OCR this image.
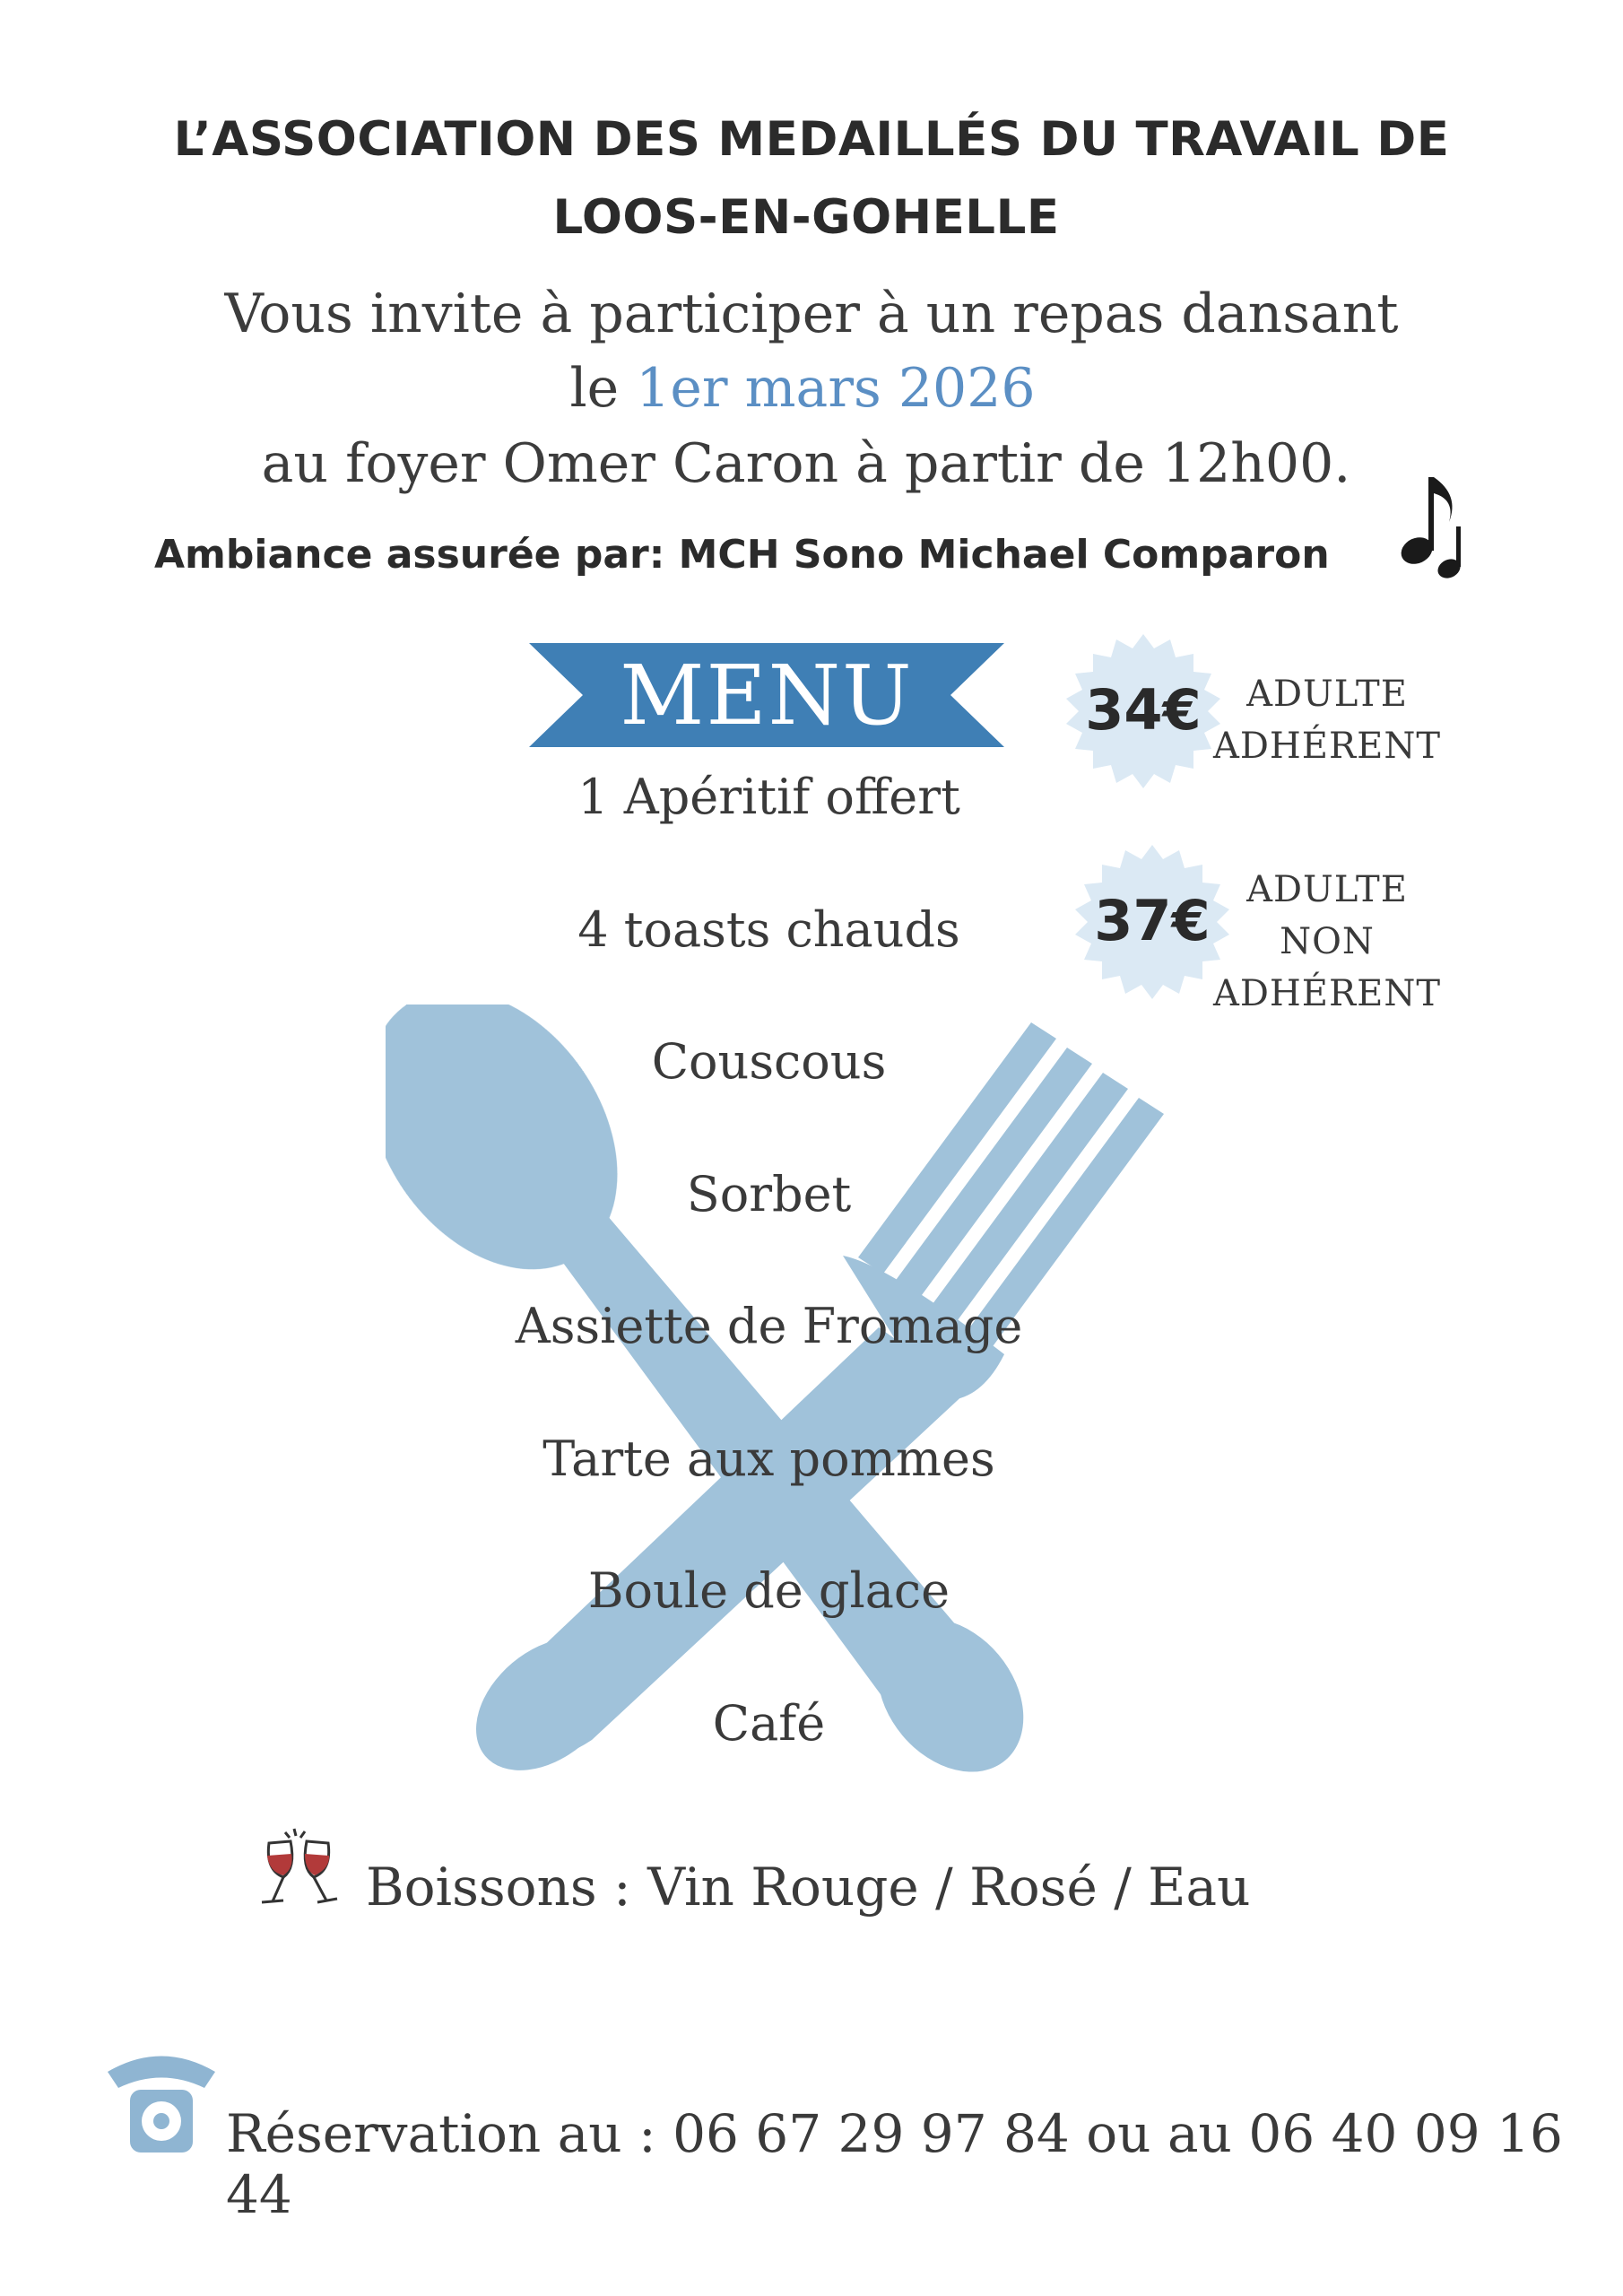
L’ASSOCIATION DES MEDAILLÉS DU TRAVAIL DE
LOOS-EN-GOHELLE
Vous invite à participer à un repas dansant
le 1er mars 2026
au foyer Omer Caron à partir de 12h00.
Ambiance assurée par: MCH Sono Michael Comparon
MENU
1 Apéritif offert
4 toasts chauds
Couscous
Sorbet
Assiette de Fromage
Tarte aux pommes
Boule de glace
Café
34€	ADULTE
ADHÉRENT
37€	ADULTE
NON
ADHÉRENT
Boissons : Vin Rouge / Rosé / Eau
Réservation au : 06 67 29 97 84 ou au 06 40 09 16 44
